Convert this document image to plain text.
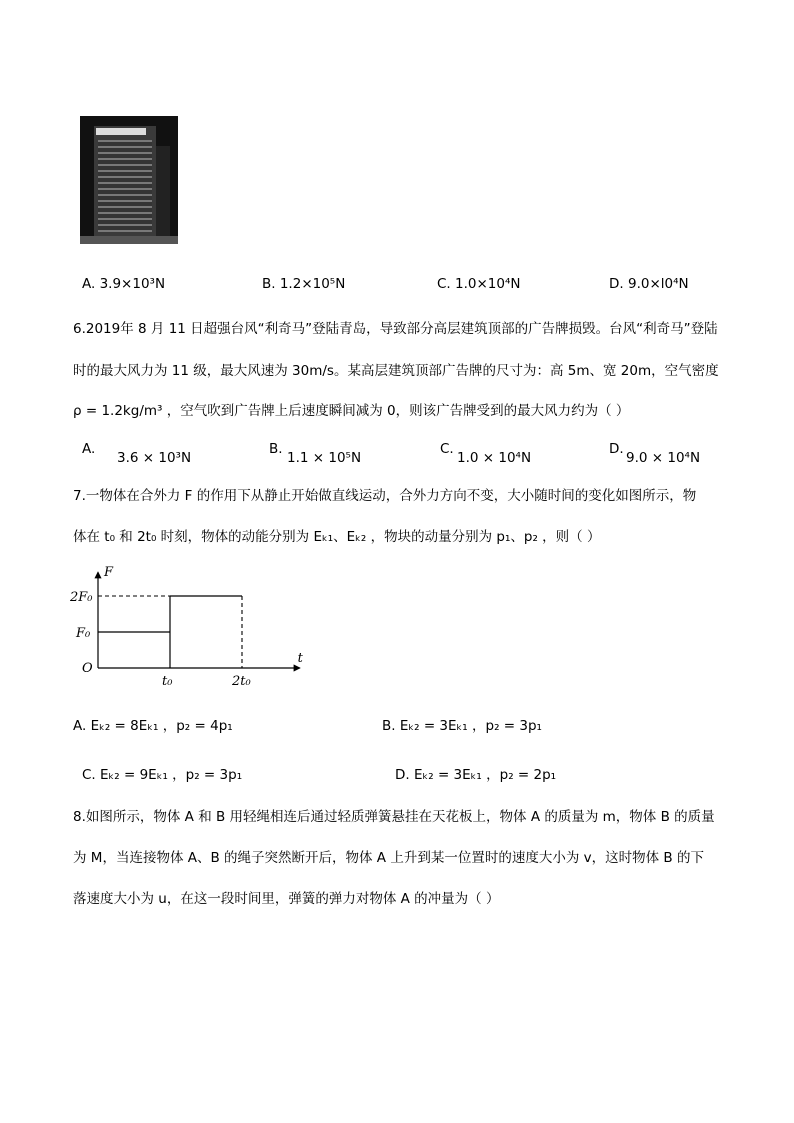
A. 3.9×10³N	B. 1.2×10⁵N	C. 1.0×10⁴N	D. 9.0×l0⁴N
6.2019年 8 月 11 日超强台风“利奇马”登陆青岛，导致部分高层建筑顶部的广告牌损毁。台风“利奇马”登陆
时的最大风力为 11 级，最大风速为 30m/s。某高层建筑顶部广告牌的尺寸为：高 5m、宽 20m，空气密度
ρ = 1.2kg/m³ ，空气吹到广告牌上后速度瞬间减为 0，则该广告牌受到的最大风力约为（ ）
A.
3.6 × 10³N
B.
1.1 × 10⁵N
C.
1.0 × 10⁴N
D.
9.0 × 10⁴N
7.一物体在合外力 F 的作用下从静止开始做直线运动，合外力方向不变，大小随时间的变化如图所示，物
体在 t₀ 和 2t₀ 时刻，物体的动能分别为 Eₖ₁、Eₖ₂ ，物块的动量分别为 p₁、p₂ ，则（ ）
F
t
O
2F₀
F₀
t₀	2t₀
A. Eₖ₂ = 8Eₖ₁ ，p₂ = 4p₁	B. Eₖ₂ = 3Eₖ₁ ，p₂ = 3p₁
C. Eₖ₂ = 9Eₖ₁ ，p₂ = 3p₁	D. Eₖ₂ = 3Eₖ₁ ，p₂ = 2p₁
8.如图所示，物体 A 和 B 用轻绳相连后通过轻质弹簧悬挂在天花板上，物体 A 的质量为 m，物体 B 的质量
为 M，当连接物体 A、B 的绳子突然断开后，物体 A 上升到某一位置时的速度大小为 v，这时物体 B 的下
落速度大小为 u，在这一段时间里，弹簧的弹力对物体 A 的冲量为（ ）
